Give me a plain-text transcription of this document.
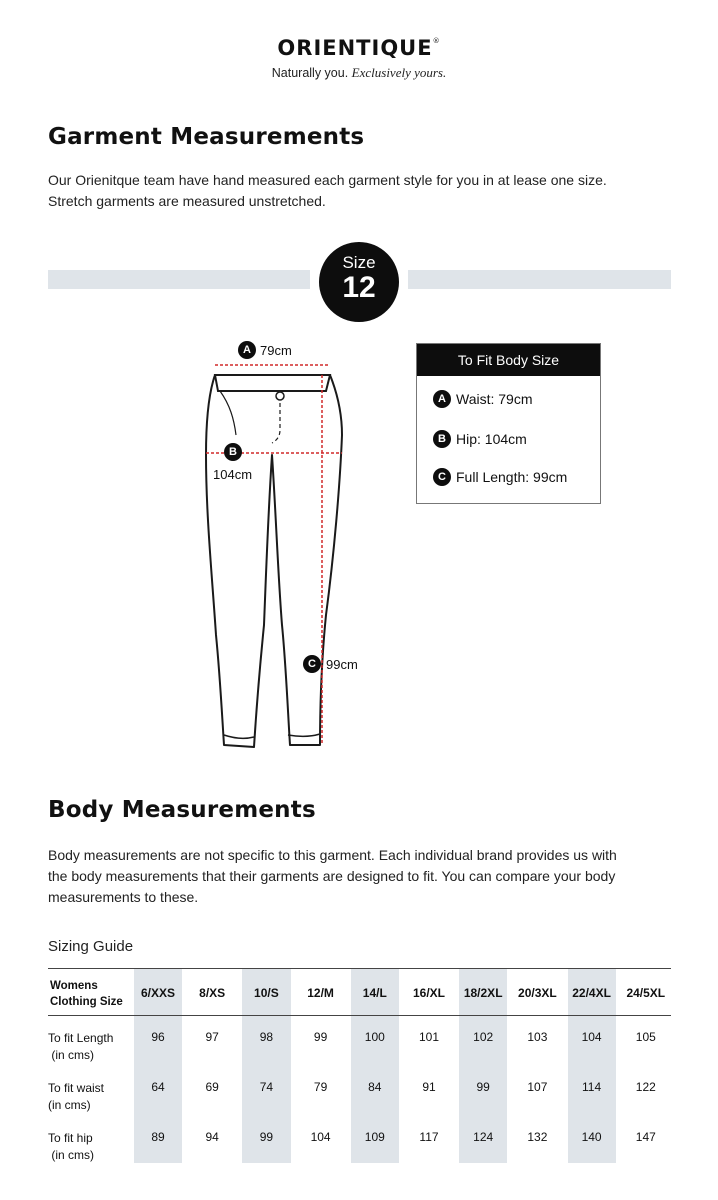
ORIENTIQUE®
Naturally you. Exclusively yours.
Garment Measurements
Our Orienitque team have hand measured each garment style for you in at lease one size.
Stretch garments are measured unstretched.
Size
12
A 79cm
B
104cm
C 99cm
To Fit Body Size
A Waist: 79cm
B Hip: 104cm
C Full Length: 99cm
Body Measurements
Body measurements are not specific to this garment. Each individual brand provides us with
the body measurements that their garments are designed to fit. You can compare your body
measurements to these.
Sizing Guide
Womens
Clothing Size
6/XXS	8/XS	10/S	12/M	14/L	16/XL	18/2XL	20/3XL	22/4XL	24/5XL
To fit Length
(in cms)
96	97	98	99	100	101	102	103	104	105
To fit waist
(in cms)
64	69	74	79	84	91	99	107	114	122
To fit hip
(in cms)
89	94	99	104	109	117	124	132	140	147
